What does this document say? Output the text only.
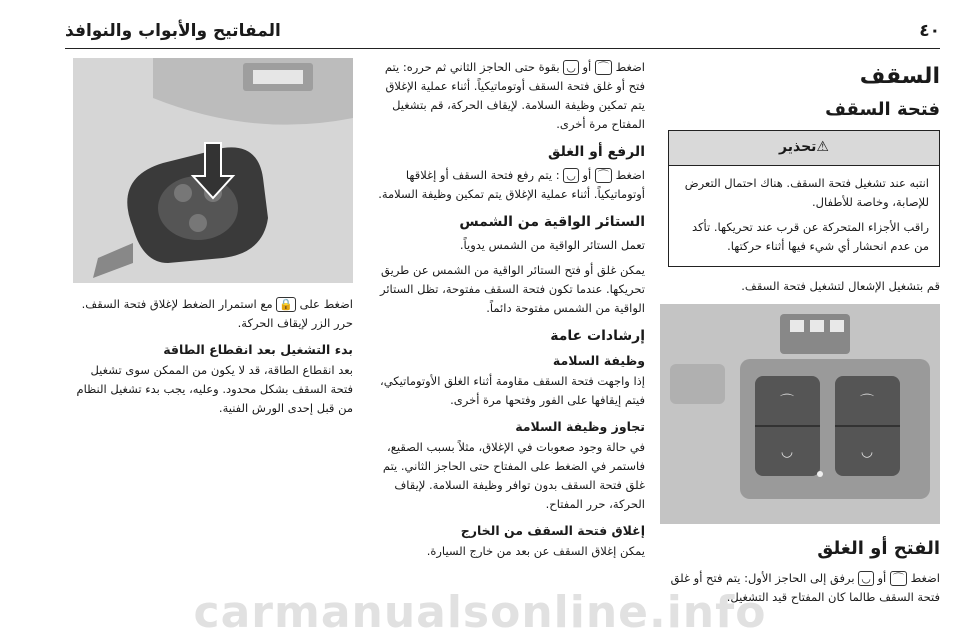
٤٠
المفاتيح والأبواب والنوافذ
السقف
فتحة السقف
⚠تحذير

انتبه عند تشغيل فتحة السقف. هناك احتمال التعرض للإصابة، وخاصة للأطفال.

راقب الأجزاء المتحركة عن قرب عند تحريكها. تأكد من عدم انحشار أي شيء فيها أثناء حركتها.

قم بتشغيل الإشعال لتشغيل فتحة السقف.

⌒	⌒
◡	◡
الفتح أو الغلق

اضغط ⌒ أو ◡ برفق إلى الحاجز الأول: يتم فتح أو غلق فتحة السقف طالما كان المفتاح قيد التشغيل.

اضغط ⌒ أو ◡ بقوة حتى الحاجز الثاني ثم حرره: يتم فتح أو غلق فتحة السقف أوتوماتيكياً. أثناء عملية الإغلاق يتم تمكين وظيفة السلامة. لإيقاف الحركة، قم بتشغيل المفتاح مرة أخرى.

الرفع أو الغلق

اضغط ⌒ أو ◡ : يتم رفع فتحة السقف أو إغلاقها أوتوماتيكياً. أثناء عملية الإغلاق يتم تمكين وظيفة السلامة.

الستائر الواقية من الشمس

تعمل الستائر الواقية من الشمس يدوياً.

يمكن غلق أو فتح الستائر الواقية من الشمس عن طريق تحريكها. عندما تكون فتحة السقف مفتوحة، تظل الستائر الواقية من الشمس مفتوحة دائماً.

إرشادات عامة
وظيفة السلامة

إذا واجهت فتحة السقف مقاومة أثناء الغلق الأوتوماتيكي، فيتم إيقافها على الفور وفتحها مرة أخرى.

تجاوز وظيفة السلامة

في حالة وجود صعوبات في الإغلاق، مثلاً بسبب الصقيع، فاستمر في الضغط على المفتاح حتى الحاجز الثاني. يتم غلق فتحة السقف بدون توافر وظيفة السلامة. لإيقاف الحركة، حرر المفتاح.

إغلاق فتحة السقف من الخارج

يمكن إغلاق السقف عن بعد من خارج السيارة.

اضغط على 🔒 مع استمرار الضغط لإغلاق فتحة السقف.

حرر الزر لإيقاف الحركة.

بدء التشغيل بعد انقطاع الطاقة

بعد انقطاع الطاقة، قد لا يكون من الممكن سوى تشغيل فتحة السقف بشكل محدود. وعليه، يجب بدء تشغيل النظام من قبل إحدى الورش الفنية.

carmanualsonline.info
